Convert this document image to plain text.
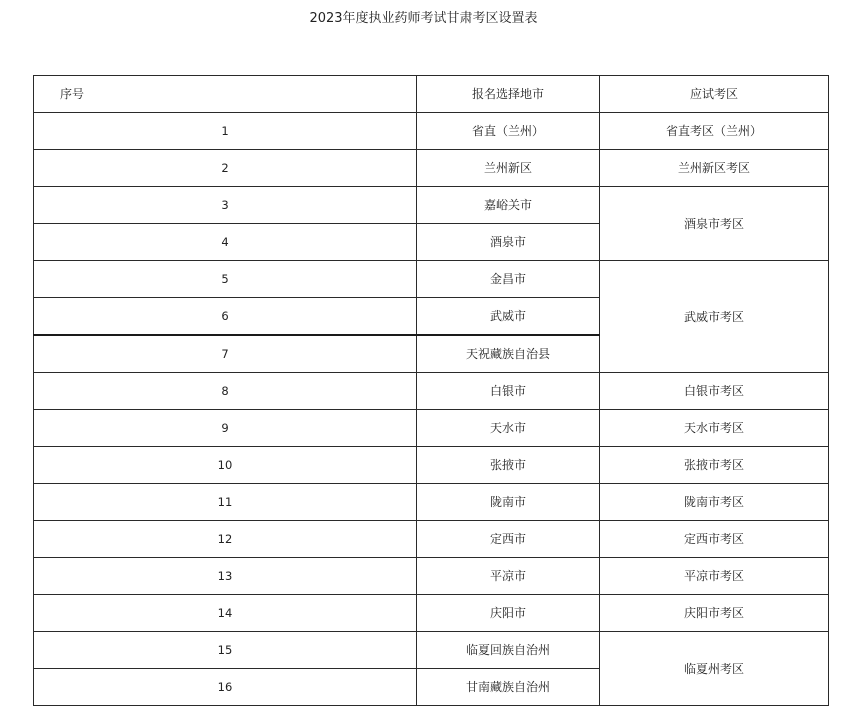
2023年度执业药师考试甘肃考区设置表
序号	报名选择地市	应试考区
1	省直（兰州）	省直考区（兰州）
2	兰州新区	兰州新区考区
3	嘉峪关市	酒泉市考区
4	酒泉市	
5	金昌市	武威市考区
6	武威市	
7	天祝藏族自治县	
8	白银市	白银市考区
9	天水市	天水市考区
10	张掖市	张掖市考区
11	陇南市	陇南市考区
12	定西市	定西市考区
13	平凉市	平凉市考区
14	庆阳市	庆阳市考区
15	临夏回族自治州	临夏州考区
16	甘南藏族自治州	
